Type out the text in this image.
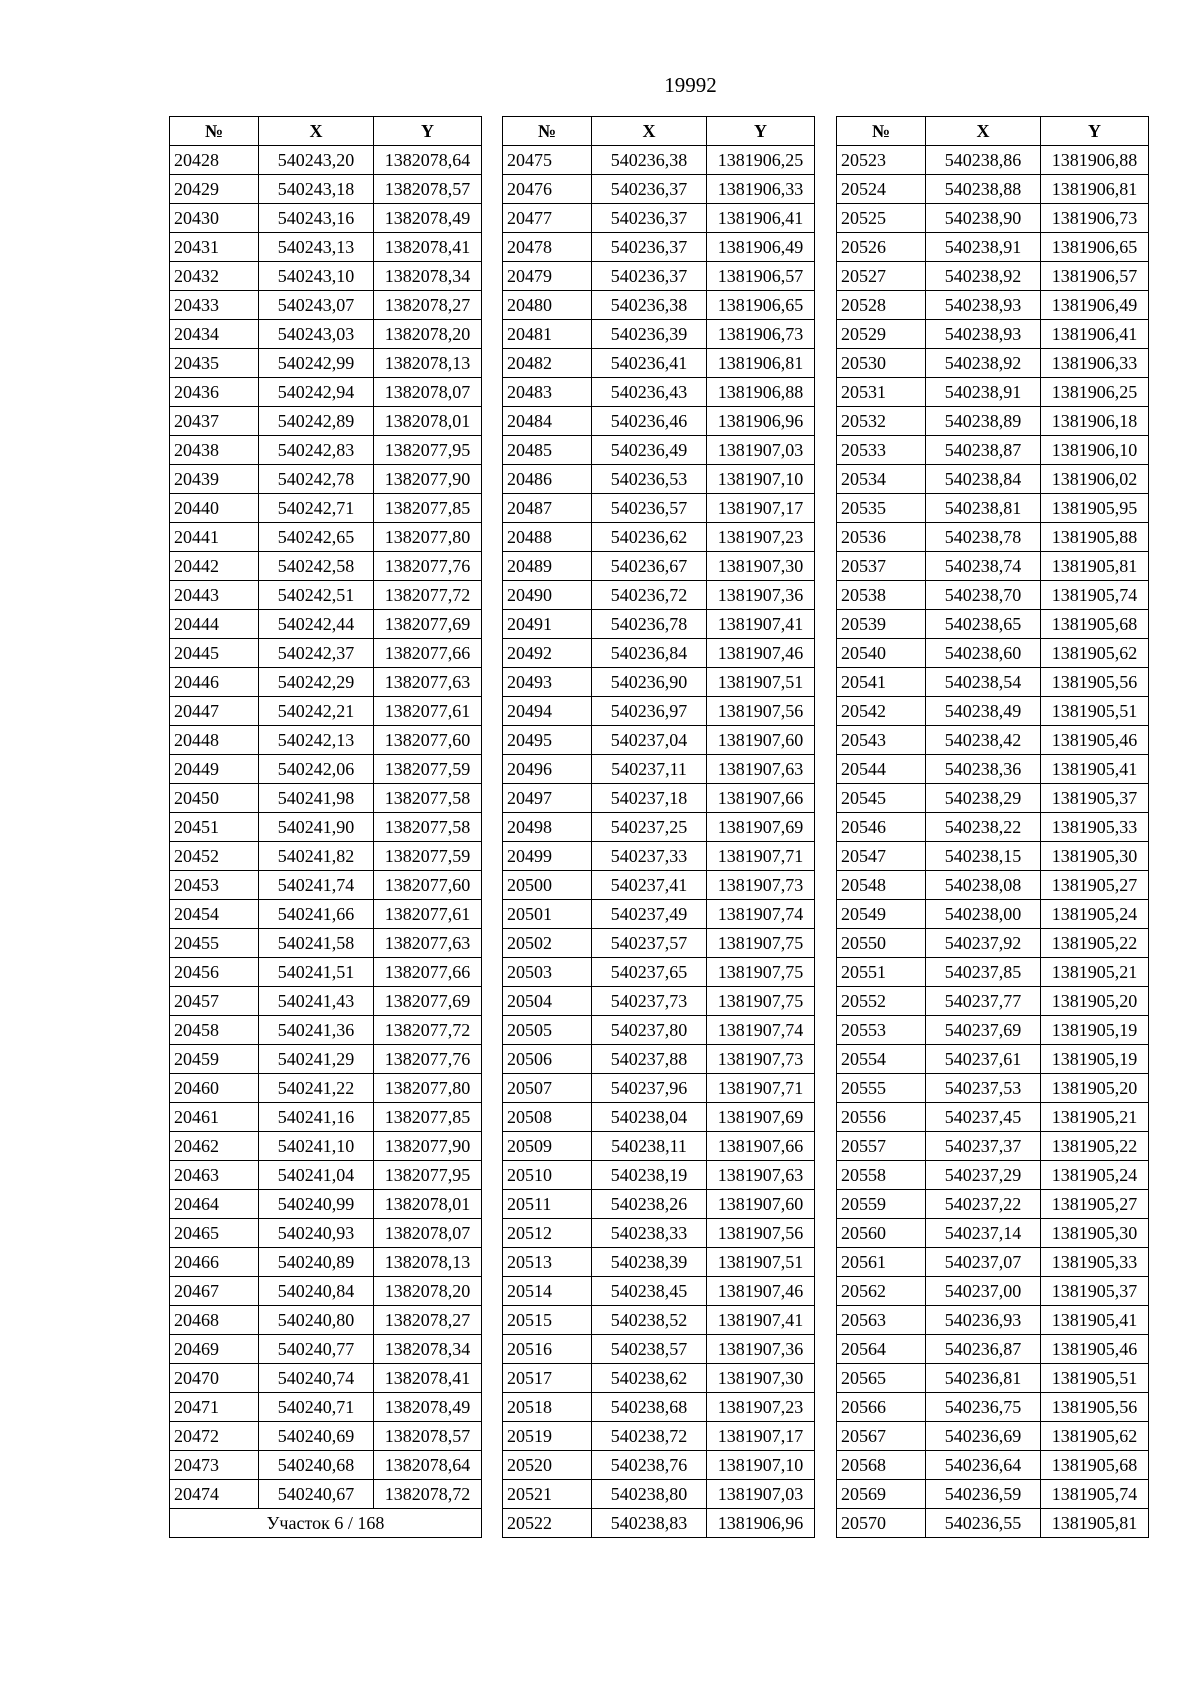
19992
№	X	Y
20428	540243,20	1382078,64
20429	540243,18	1382078,57
20430	540243,16	1382078,49
20431	540243,13	1382078,41
20432	540243,10	1382078,34
20433	540243,07	1382078,27
20434	540243,03	1382078,20
20435	540242,99	1382078,13
20436	540242,94	1382078,07
20437	540242,89	1382078,01
20438	540242,83	1382077,95
20439	540242,78	1382077,90
20440	540242,71	1382077,85
20441	540242,65	1382077,80
20442	540242,58	1382077,76
20443	540242,51	1382077,72
20444	540242,44	1382077,69
20445	540242,37	1382077,66
20446	540242,29	1382077,63
20447	540242,21	1382077,61
20448	540242,13	1382077,60
20449	540242,06	1382077,59
20450	540241,98	1382077,58
20451	540241,90	1382077,58
20452	540241,82	1382077,59
20453	540241,74	1382077,60
20454	540241,66	1382077,61
20455	540241,58	1382077,63
20456	540241,51	1382077,66
20457	540241,43	1382077,69
20458	540241,36	1382077,72
20459	540241,29	1382077,76
20460	540241,22	1382077,80
20461	540241,16	1382077,85
20462	540241,10	1382077,90
20463	540241,04	1382077,95
20464	540240,99	1382078,01
20465	540240,93	1382078,07
20466	540240,89	1382078,13
20467	540240,84	1382078,20
20468	540240,80	1382078,27
20469	540240,77	1382078,34
20470	540240,74	1382078,41
20471	540240,71	1382078,49
20472	540240,69	1382078,57
20473	540240,68	1382078,64
20474	540240,67	1382078,72
Участок 6 / 168		
№	X	Y
20475	540236,38	1381906,25
20476	540236,37	1381906,33
20477	540236,37	1381906,41
20478	540236,37	1381906,49
20479	540236,37	1381906,57
20480	540236,38	1381906,65
20481	540236,39	1381906,73
20482	540236,41	1381906,81
20483	540236,43	1381906,88
20484	540236,46	1381906,96
20485	540236,49	1381907,03
20486	540236,53	1381907,10
20487	540236,57	1381907,17
20488	540236,62	1381907,23
20489	540236,67	1381907,30
20490	540236,72	1381907,36
20491	540236,78	1381907,41
20492	540236,84	1381907,46
20493	540236,90	1381907,51
20494	540236,97	1381907,56
20495	540237,04	1381907,60
20496	540237,11	1381907,63
20497	540237,18	1381907,66
20498	540237,25	1381907,69
20499	540237,33	1381907,71
20500	540237,41	1381907,73
20501	540237,49	1381907,74
20502	540237,57	1381907,75
20503	540237,65	1381907,75
20504	540237,73	1381907,75
20505	540237,80	1381907,74
20506	540237,88	1381907,73
20507	540237,96	1381907,71
20508	540238,04	1381907,69
20509	540238,11	1381907,66
20510	540238,19	1381907,63
20511	540238,26	1381907,60
20512	540238,33	1381907,56
20513	540238,39	1381907,51
20514	540238,45	1381907,46
20515	540238,52	1381907,41
20516	540238,57	1381907,36
20517	540238,62	1381907,30
20518	540238,68	1381907,23
20519	540238,72	1381907,17
20520	540238,76	1381907,10
20521	540238,80	1381907,03
20522	540238,83	1381906,96
№	X	Y
20523	540238,86	1381906,88
20524	540238,88	1381906,81
20525	540238,90	1381906,73
20526	540238,91	1381906,65
20527	540238,92	1381906,57
20528	540238,93	1381906,49
20529	540238,93	1381906,41
20530	540238,92	1381906,33
20531	540238,91	1381906,25
20532	540238,89	1381906,18
20533	540238,87	1381906,10
20534	540238,84	1381906,02
20535	540238,81	1381905,95
20536	540238,78	1381905,88
20537	540238,74	1381905,81
20538	540238,70	1381905,74
20539	540238,65	1381905,68
20540	540238,60	1381905,62
20541	540238,54	1381905,56
20542	540238,49	1381905,51
20543	540238,42	1381905,46
20544	540238,36	1381905,41
20545	540238,29	1381905,37
20546	540238,22	1381905,33
20547	540238,15	1381905,30
20548	540238,08	1381905,27
20549	540238,00	1381905,24
20550	540237,92	1381905,22
20551	540237,85	1381905,21
20552	540237,77	1381905,20
20553	540237,69	1381905,19
20554	540237,61	1381905,19
20555	540237,53	1381905,20
20556	540237,45	1381905,21
20557	540237,37	1381905,22
20558	540237,29	1381905,24
20559	540237,22	1381905,27
20560	540237,14	1381905,30
20561	540237,07	1381905,33
20562	540237,00	1381905,37
20563	540236,93	1381905,41
20564	540236,87	1381905,46
20565	540236,81	1381905,51
20566	540236,75	1381905,56
20567	540236,69	1381905,62
20568	540236,64	1381905,68
20569	540236,59	1381905,74
20570	540236,55	1381905,81
